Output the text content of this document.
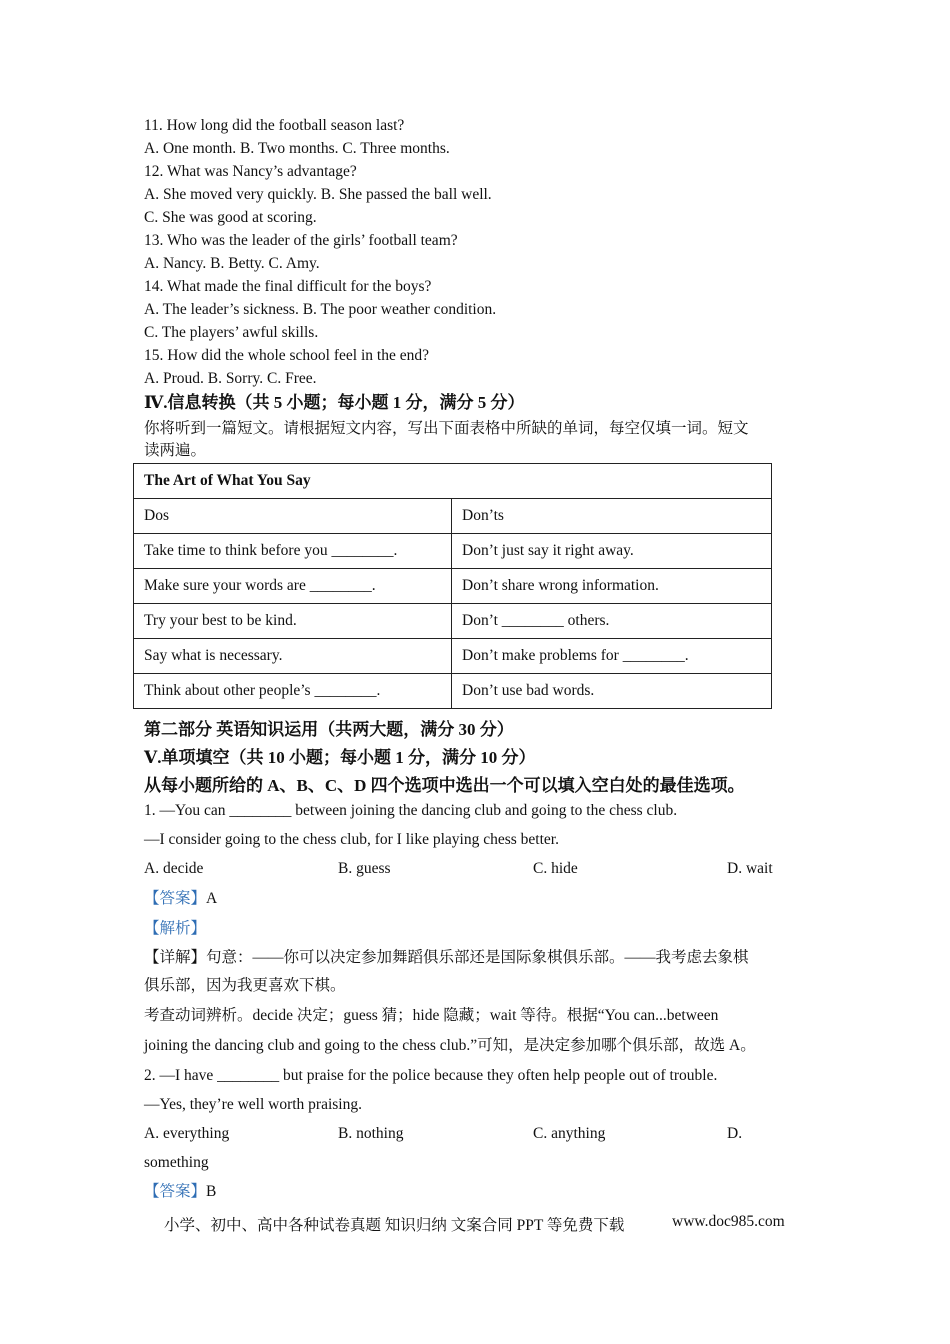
11. How long did the football season last?
A. One month. B. Two months. C. Three months.
12. What was Nancy’s advantage?
A. She moved very quickly. B. She passed the ball well.
C. She was good at scoring.
13. Who was the leader of the girls’ football team?
A. Nancy. B. Betty. C. Amy.
14. What made the final difficult for the boys?
A. The leader’s sickness. B. The poor weather condition.
C. The players’ awful skills.
15. How did the whole school feel in the end?
A. Proud. B. Sorry. C. Free.
Ⅳ.信息转换（共 5 小题；每小题 1 分，满分 5 分）
你将听到一篇短文。请根据短文内容，写出下面表格中所缺的单词，每空仅填一词。短文
读两遍。
The Art of What You Say	
Dos	Don’ts
Take time to think before you ________.	Don’t just say it right away.
Make sure your words are ________.	Don’t share wrong information.
Try your best to be kind.	Don’t ________ others.
Say what is necessary.	Don’t make problems for ________.
Think about other people’s ________.	Don’t use bad words.
第二部分 英语知识运用（共两大题，满分 30 分）
Ⅴ.单项填空（共 10 小题；每小题 1 分，满分 10 分）
从每小题所给的 A、B、C、D 四个选项中选出一个可以填入空白处的最佳选项。
1. —You can ________ between joining the dancing club and going to the chess club.
—I consider going to the chess club, for I like playing chess better.
A. decide	B. guess	C. hide	D. wait
【答案】A
【解析】
【详解】句意：——你可以决定参加舞蹈俱乐部还是国际象棋俱乐部。——我考虑去象棋
俱乐部，因为我更喜欢下棋。
考查动词辨析。decide 决定；guess 猜；hide 隐藏；wait 等待。根据“You can...between
joining the dancing club and going to the chess club.”可知，是决定参加哪个俱乐部，故选 A。
2. —I have ________ but praise for the police because they often help people out of trouble.
—Yes, they’re well worth praising.
A. everything	B. nothing	C. anything	D.
something
【答案】B
小学、初中、高中各种试卷真题 知识归纳 文案合同 PPT 等免费下载	www.doc985.com
